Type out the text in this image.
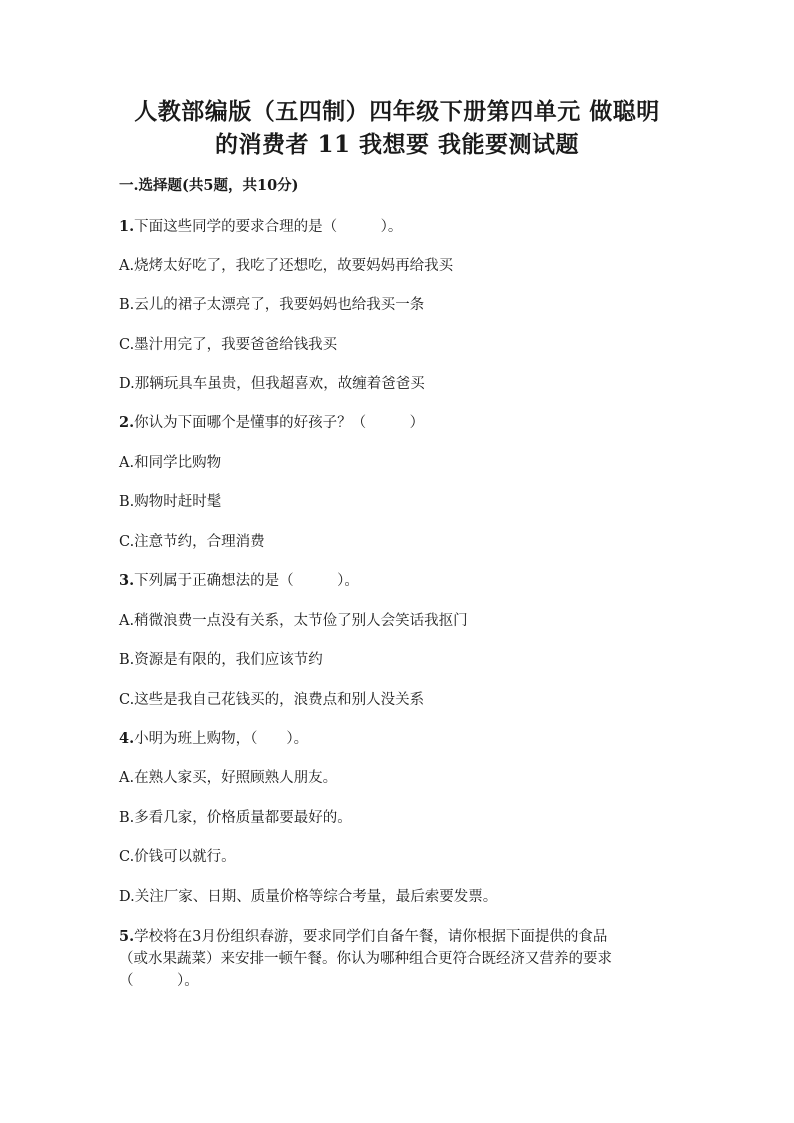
人教部编版（五四制）四年级下册第四单元 做聪明
的消费者 11 我想要 我能要测试题
一.选择题(共5题，共10分)
1.下面这些同学的要求合理的是（　　　）。
A.烧烤太好吃了，我吃了还想吃，故要妈妈再给我买
B.云儿的裙子太漂亮了，我要妈妈也给我买一条
C.墨汁用完了，我要爸爸给钱我买
D.那辆玩具车虽贵，但我超喜欢，故缠着爸爸买
2.你认为下面哪个是懂事的好孩子？（　　　）
A.和同学比购物
B.购物时赶时髦
C.注意节约，合理消费
3.下列属于正确想法的是（　　　）。
A.稍微浪费一点没有关系，太节俭了别人会笑话我抠门
B.资源是有限的，我们应该节约
C.这些是我自己花钱买的，浪费点和别人没关系
4.小明为班上购物，（　　）。
A.在熟人家买，好照顾熟人朋友。
B.多看几家，价格质量都要最好的。
C.价钱可以就行。
D.关注厂家、日期、质量价格等综合考量，最后索要发票。
5.学校将在3月份组织春游，要求同学们自备午餐，请你根据下面提供的食品
（或水果蔬菜）来安排一顿午餐。你认为哪种组合更符合既经济又营养的要求
（　　　）。
